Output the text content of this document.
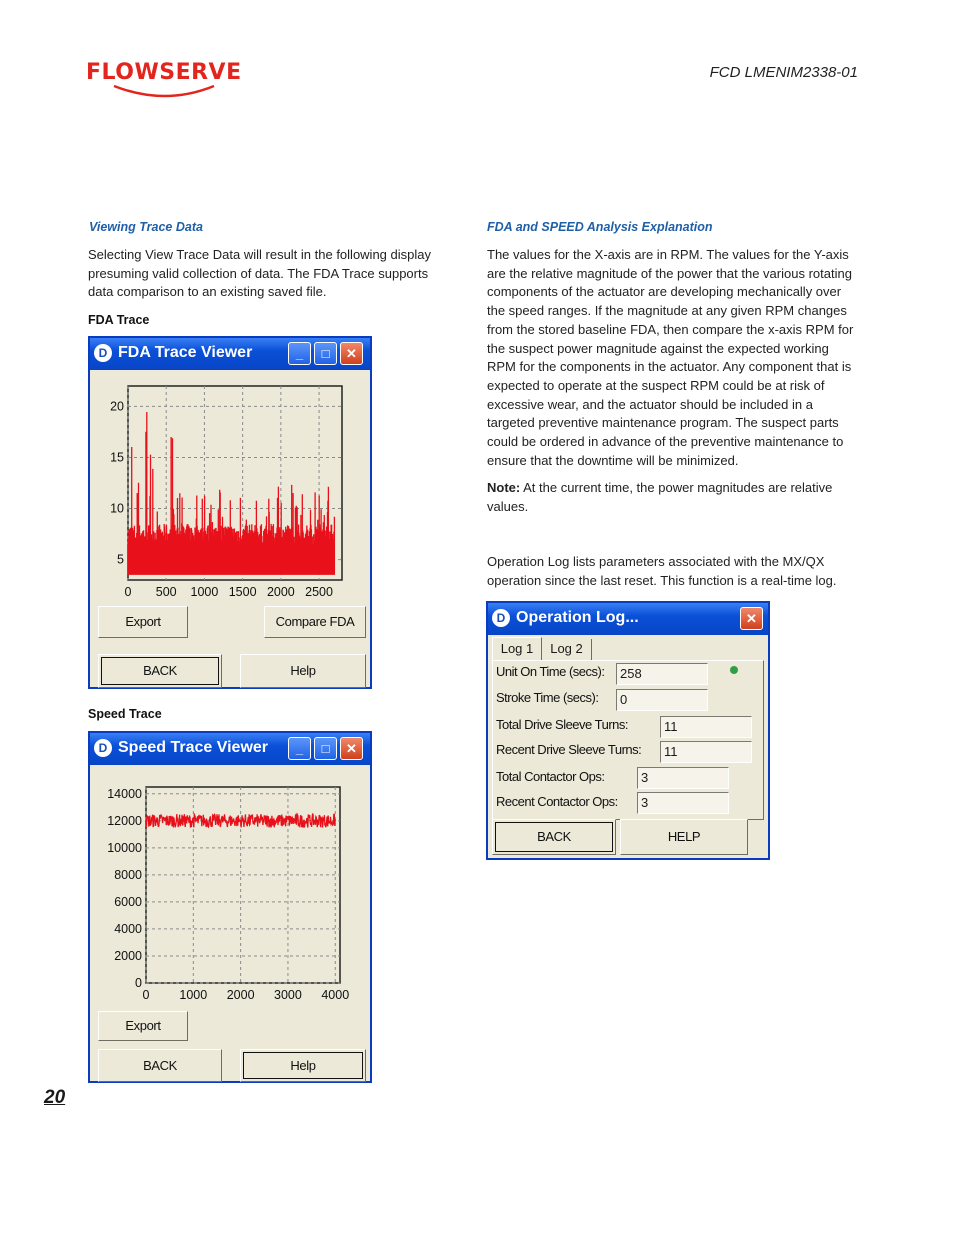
FLOWSERVE	FCD LMENIM2338-01
Viewing Trace Data
Selecting View Trace Data will result in the following display presuming valid collection of data. The FDA Trace supports data comparison to an existing saved file.
FDA Trace
D FDA Trace Viewer	_	□	✕
0 500 1000 1500 2000 2500
5
10
15
20
Export	Compare FDA
BACK	Help
Speed Trace
D Speed Trace Viewer	_	□	✕
0 1000 2000 3000 4000
0
2000
4000
6000
8000
10000
12000
14000
Export
BACK	Help
FDA and SPEED Analysis Explanation
The values for the X-axis are in RPM. The values for the Y-axis are the relative magnitude of the power that the various rotating components of the actuator are developing mechanically over the speed ranges. If the magnitude at any given RPM changes from the stored baseline FDA, then compare the x-axis RPM for the suspect power magnitude against the expected working RPM for the components in the actuator. Any component that is expected to operate at the suspect RPM could be at risk of excessive wear, and the actuator should be included in a targeted preventive maintenance program. The suspect parts could be ordered in advance of the preventive maintenance to ensure that the downtime will be minimized.
Note: At the current time, the power magnitudes are relative values.
Operation Log lists parameters associated with the MX/QX operation since the last reset. This function is a real-time log.
D Operation Log...	✕
Log 1	Log 2
Unit On Time (secs):	258
Stroke Time (secs):	0
Total Drive Sleeve Turns:	11
Recent Drive Sleeve Turns:	11
Total Contactor Ops:	3
Recent Contactor Ops:	3
BACK	HELP
20
